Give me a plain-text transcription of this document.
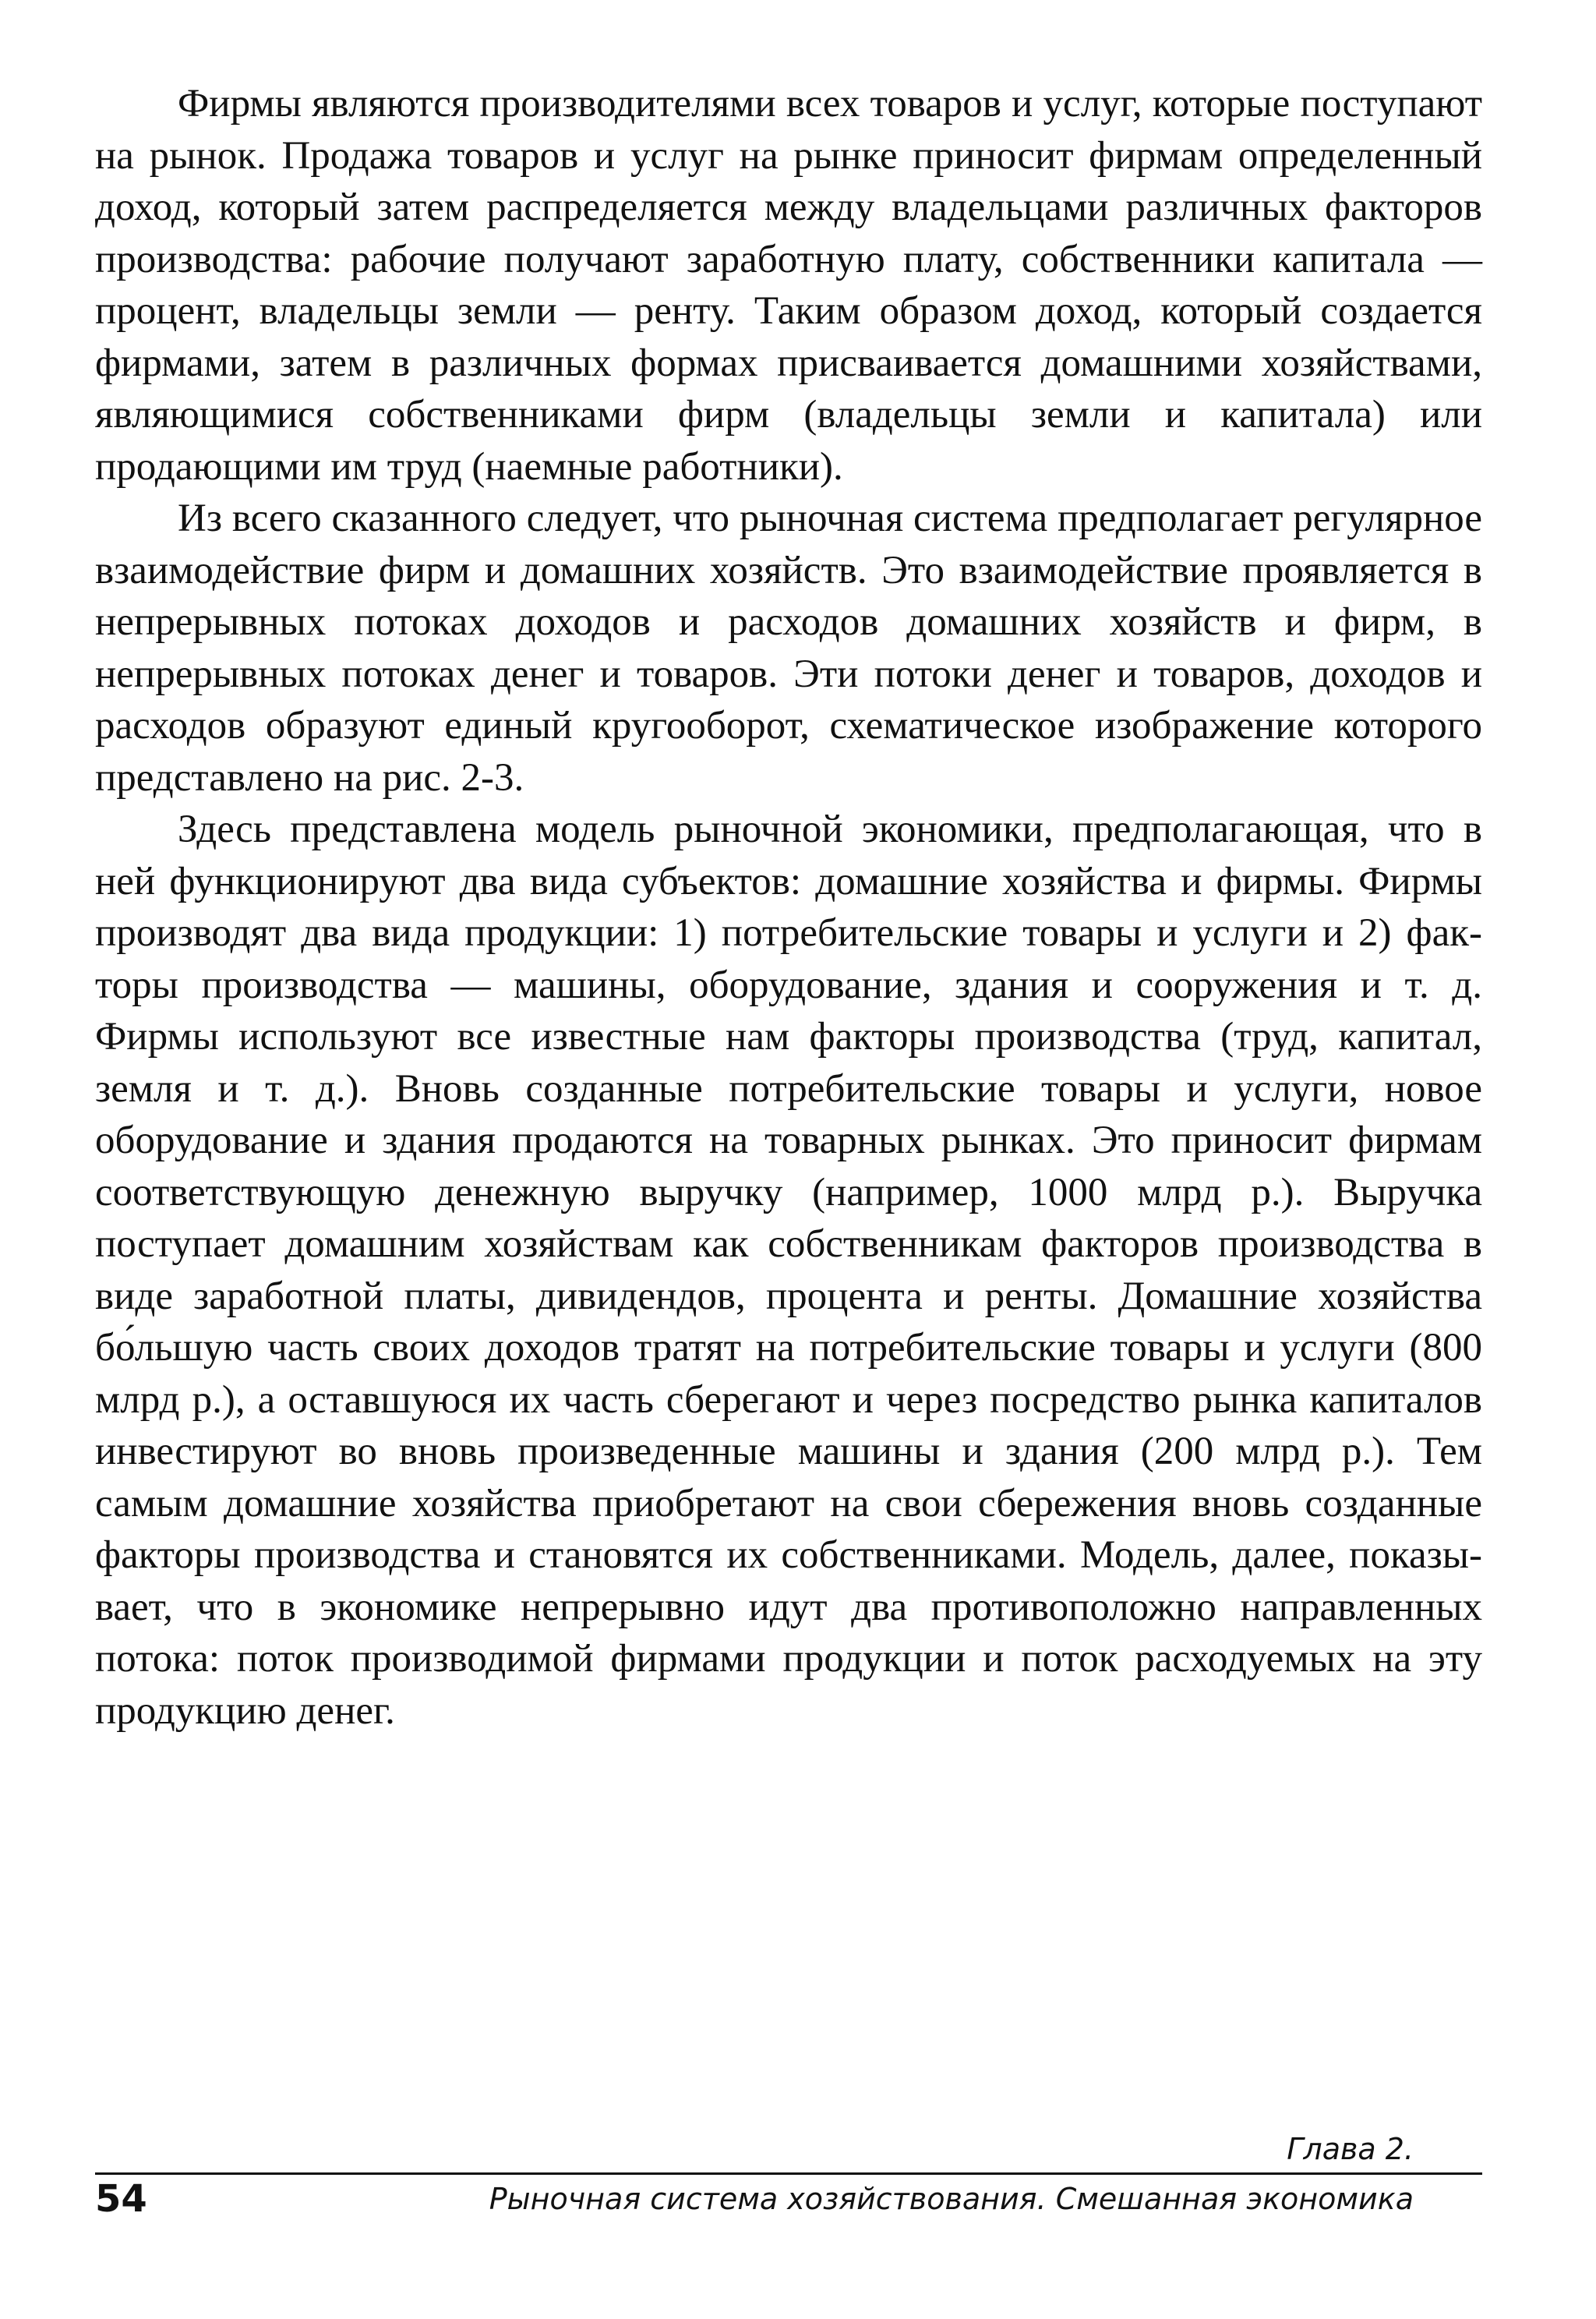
Фирмы являются производителями всех товаров и услуг, которые поступают на рынок. Продажа товаров и услуг на рынке приносит фирмам определенный доход, который затем распределяется между владельцами различных факторов производства: рабочие получают заработную плату, собственники капитала — процент, владельцы земли — ренту. Таким образом доход, который создается фирмами, затем в различных формах присваивается домашними хозяйствами, являющимися собственниками фирм (владельцы земли и капитала) или продающими им труд (наемные работники).

Из всего сказанного следует, что рыночная система предполагает регулярное взаимодействие фирм и домашних хозяйств. Это взаимодействие проявляется в непрерывных потоках доходов и расходов домашних хозяйств и фирм, в непрерывных потоках денег и товаров. Эти потоки денег и товаров, доходов и расходов образуют единый кругооборот, схематическое изображение которого представлено на рис. 2-3.

Здесь представлена модель рыночной экономики, предполагающая, что в ней функционируют два вида субъектов: домашние хозяйства и фирмы. Фирмы производят два вида продукции: 1) потребительские товары и услуги и 2) факторы производства — машины, оборудование, здания и сооружения и т. д. Фирмы используют все известные нам факторы производства (труд, капитал, земля и т. д.). Вновь созданные потребительские товары и услуги, новое оборудование и здания продаются на товарных рынках. Это приносит фирмам соответствующую денежную выручку (например, 1000 млрд р.). Выручка поступает домашним хозяйствам как собственникам факторов производства в виде заработной платы, дивидендов, процента и ренты. Домашние хозяйства бо́льшую часть своих доходов тратят на потребительские товары и услуги (800 млрд р.), а оставшуюся их часть сберегают и через посредство рынка капиталов инвестируют во вновь произведенные машины и здания (200 млрд р.). Тем самым домашние хозяйства приобретают на свои сбережения вновь созданные факторы производства и становятся их собственниками. Модель, далее, показывает, что в экономике непрерывно идут два противоположно направленных потока: поток производимой фирмами продукции и поток расходуемых на эту продукцию денег.

Глава 2.
54	Рыночная система хозяйствования. Смешанная экономика
